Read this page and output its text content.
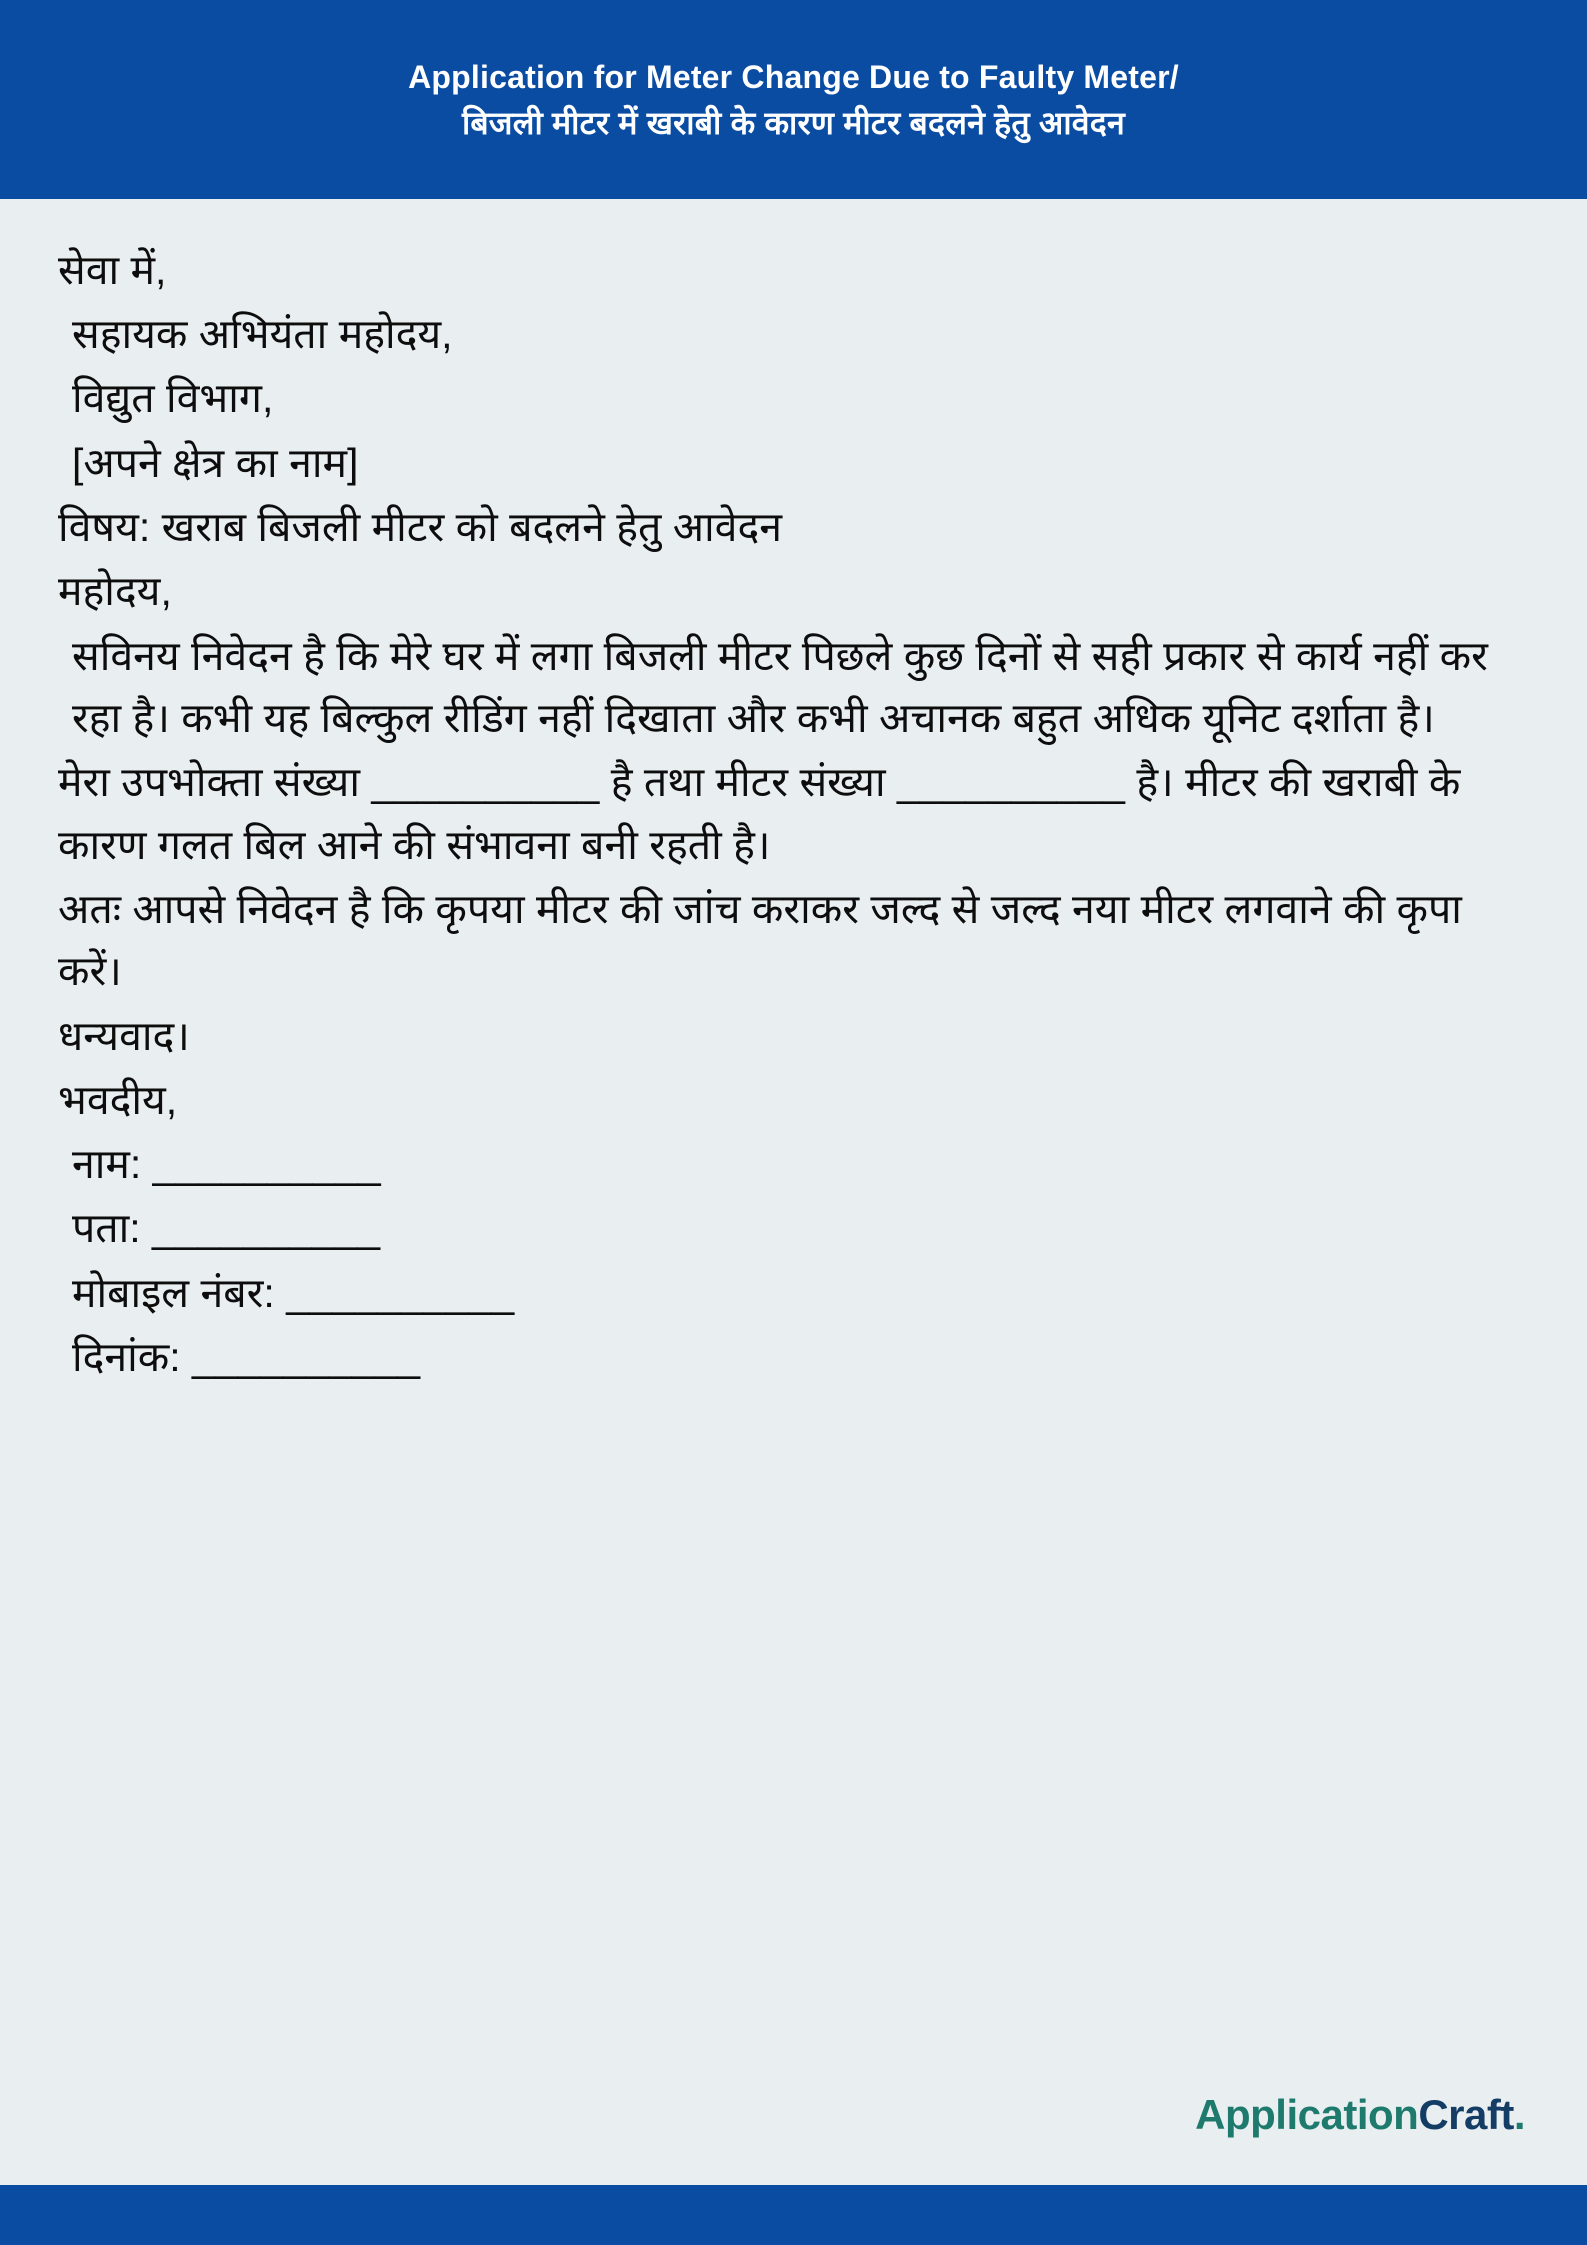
Application for Meter Change Due to Faulty Meter/
बिजली मीटर में खराबी के कारण मीटर बदलने हेतु आवेदन

सेवा में,

सहायक अभियंता महोदय,

विद्युत विभाग,

[अपने क्षेत्र का नाम]

विषय: खराब बिजली मीटर को बदलने हेतु आवेदन

महोदय,

सविनय निवेदन है कि मेरे घर में लगा बिजली मीटर पिछले कुछ दिनों से सही प्रकार से कार्य नहीं कर रहा है। कभी यह बिल्कुल रीडिंग नहीं दिखाता और कभी अचानक बहुत अधिक यूनिट दर्शाता है।

मेरा उपभोक्ता संख्या __________ है तथा मीटर संख्या __________ है। मीटर की खराबी के कारण गलत बिल आने की संभावना बनी रहती है।

अतः आपसे निवेदन है कि कृपया मीटर की जांच कराकर जल्द से जल्द नया मीटर लगवाने की कृपा करें।

धन्यवाद।

भवदीय,

नाम: __________

पता: __________

मोबाइल नंबर: __________

दिनांक: __________

ApplicationCraft.
